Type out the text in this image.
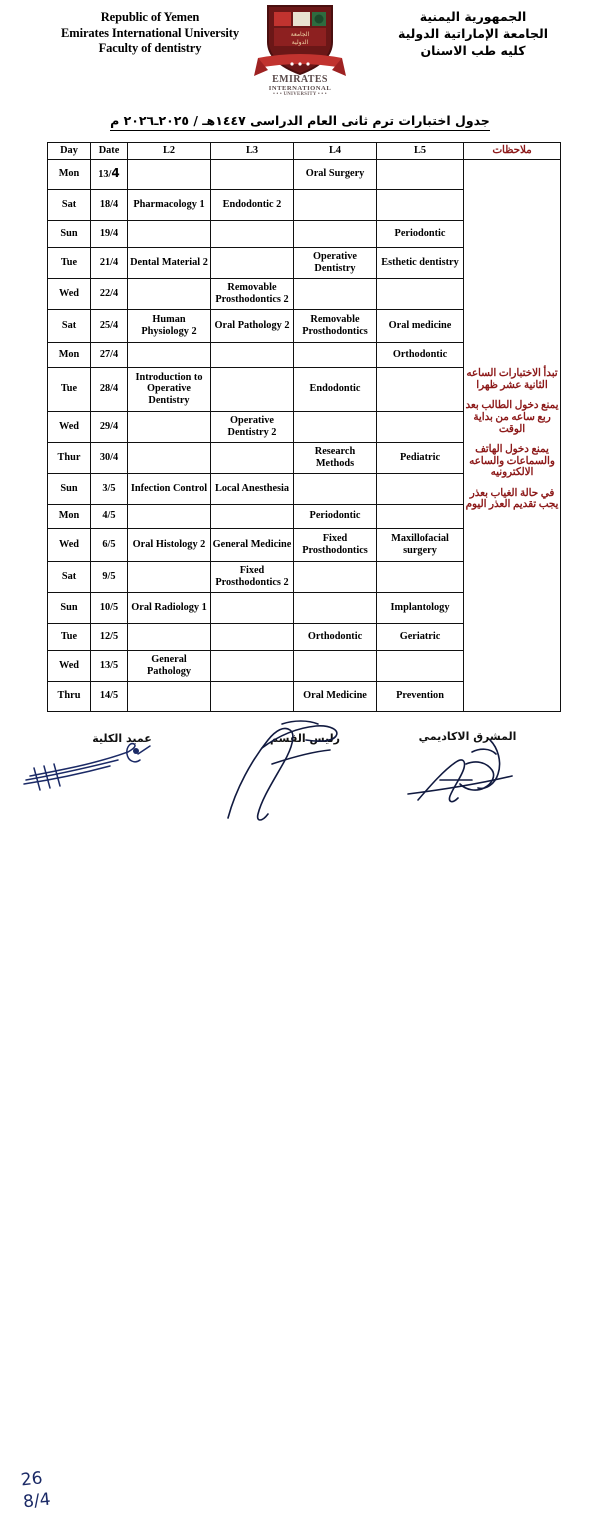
Republic of Yemen
Emirates International University
Faculty of dentistry
الجامعة
الدولية
EMIRATES
INTERNATIONAL
• • • UNIVERSITY • • •
الجمهورية اليمنية
الجامعة الإماراتية الدولية
كليه طب الاسنان
جدول اختبارات ترم ثانى العام الدراسى ١٤٤٧هـ / ٢٠٢٥ـ٢٠٢٦ م
Day	Date	L2	L3	L4	L5	ملاحظات
Mon	13/4			Oral Surgery		تبدأ الاختبارات الساعه الثانية عشر ظهرا
يمنع دخول الطالب بعد ربع ساعه من بداية الوقت
يمنع دخول الهاتف والسماعات والساعه الالكترونيه
في حالة الغياب بعذر يجب تقديم العذر اليوم

Sat	18/4	Pharmacology 1	Endodontic 2			
Sun	19/4				Periodontic	
Tue	21/4	Dental Material 2		Operative Dentistry	Esthetic dentistry	
Wed	22/4		Removable Prosthodontics 2			
Sat	25/4	Human Physiology 2	Oral Pathology 2	Removable Prosthodontics	Oral medicine	
Mon	27/4				Orthodontic	
Tue	28/4	Introduction to Operative Dentistry		Endodontic		
Wed	29/4		Operative Dentistry 2			
Thur	30/4			Research Methods	Pediatric	
Sun	3/5	Infection Control	Local Anesthesia			
Mon	4/5			Periodontic		
Wed	6/5	Oral Histology 2	General Medicine	Fixed Prosthodontics	Maxillofacial surgery	
Sat	9/5		Fixed Prosthodontics 2			
Sun	10/5	Oral Radiology 1			Implantology	
Tue	12/5			Orthodontic	Geriatric	
Wed	13/5	General Pathology				
Thru	14/5			Oral Medicine	Prevention	
عميد الكلية	رلیس القسم	المشرق الاكاديمي
26
8/4
